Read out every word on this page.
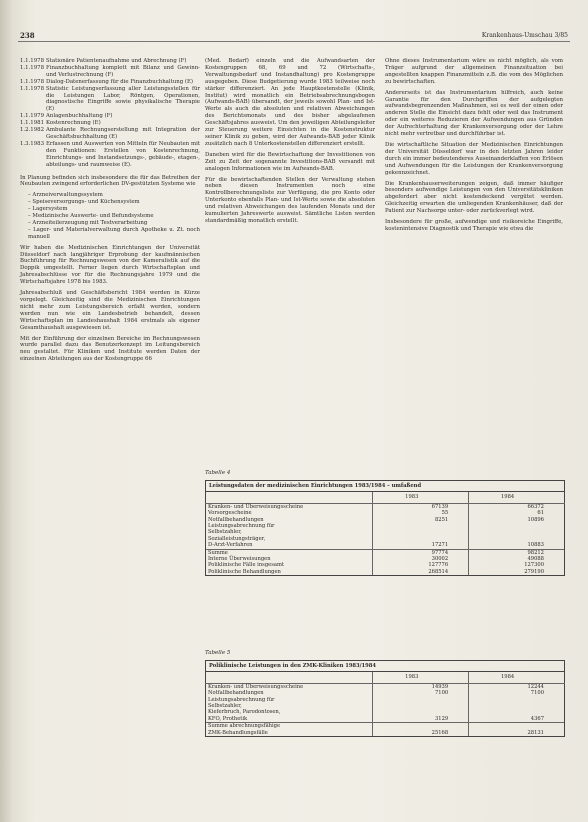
238	Krankenhaus-Umschau 3/85
1.1.1978 Stationäre Patientenaufnahme und Abrechnung (F)
1.1.1978 Finanzbuchhaltung komplett mit Bilanz und Gewinn- und Verlustrechnung (F)
1.1.1978 Dialog-Datenerfassung für die Finanzbuchhaltung (E)
1.1.1978 Statistic Leistungserfassung aller Leistungsstellen für die Leistungen Labor, Röntgen, Operationen, diagnostische Eingriffe sowie physikalische Therapie (E)
1.1.1979 Anlagenbuchhaltung (F)
1.1.1981 Kostenrechnung (E)
1.2.1982 Ambulante Rechnungserstellung mit Integration der Geschäftsbuchhaltung (E)
1.3.1983 Erfassen und Auswerten von Mitteln für Neubauten mit den Funktionen: Erstellen von Kostenrechnung, Einrichtungs- und Instandsetzungs-, gebäude-, etagen-, abteilungs- und raumweise (E).

In Planung befinden sich insbesondere die für das Betreiben der Neubauten zwingend erforderlichen DV-gestützten Systeme wie

– Arzneiverwaltungssystem
– Speiseversorgungs- und Küchensystem
– Lagersystem
– Medizinische Auswerte- und Befundsysteme
– Arzneiteilerzeugung mit Testverarbeitung
– Lager- und Materialverwaltung durch Apotheke u. Zt. noch manuell

Wir haben die Medizinischen Einrichtungen der Universität Düsseldorf nach langjähriger Erprobung der kaufmännischen Buchführung für Rechnungswesen von der Kameralistik auf die Doppik umgestellt. Ferner liegen durch Wirtschaftsplan und Jahresabschlüsse vor für die Rechnungsjahre 1979 und die Wirtschaftsjahre 1978 bis 1983.

Jahresabschluß und Geschäftsbericht 1984 werden in Kürze vorgelegt. Gleichzeitig sind die Medizinischen Einrichtungen nicht mehr zum Leistungsbereich erfaßt werden, sondern werden nun wie ein Landesbetrieb behandelt, dessen Wirtschaftsplan im Landeshaushalt 1984 erstmals als eigener Gesamthaushalt ausgewiesen ist.

Mit der Einführung der einzelnen Bereiche im Rechnungswesen wurde parallel dazu das Benutzerkonzept im Leitungsbereich neu gestaltet. Für Kliniken und Institute werden Daten der einzelnen Abteilungen aus der Kostengruppe 66

(Med. Bedarf) einzeln und die Aufwandsarten der Kostengruppen 68, 69 und 72 (Wirtschafts-, Verwaltungsbedarf und Instandhaltung) pro Kostengruppe ausgegeben. Diese Budgetierung wurde 1983 teilweise noch stärker differenziert. An jede Hauptkostenstelle (Klinik, Institut) wird monatlich ein Betriebsabrechnungsbogen (Aufwands-BAB) übersandt, der jeweils sowohl Plan- und Ist-Werte als auch die absoluten und relativen Abweichungen des Berichtsmonats und des bisher abgelaufenen Geschäftsjahres ausweist. Um den jeweiligen Abteilungsleiter zur Steuerung weitere Einsichten in die Kostenstruktur seiner Klinik zu geben, wird der Aufwands-BAB jeder Klinik zusätzlich nach 8 Unterkostenstellen differenziert erstellt.

Daneben wird für die Bewirtschaftung der Investitionen von Zeit zu Zeit der sogenannte Investitions-BAB versandt mit analogen Informationen wie im Aufwands-BAB.

Für die bewirtschaftenden Stellen der Verwaltung stehen neben diesen Instrumenten noch eine Kontrollberechnungsliste zur Verfügung, die pro Konto oder Unterkonto ebenfalls Plan- und Ist-Werte sowie die absoluten und relativen Abweichungen des laufenden Monats und der kumulierten Jahreswerte ausweist. Sämtliche Listen werden standardmäßig monatlich erstellt.

Ohne dieses Instrumentarium wäre es nicht möglich, als vom Träger aufgrund der allgemeinen Finanzsituation bei angestellten knappen Finanzmitteln z.B. die vom des Möglichen zu bewirtschaften.

Andererseits ist das Instrumentarium hilfreich, auch keine Garantie für den Durchgriffen der aufgelegten aufwandsbegrenzenden Maßnahmen, sei es weil der einen oder anderen Stelle die Einsicht dazu fehlt oder weil das Instrument oder ein weiteres Reduzieren der Aufwendungen aus Gründen der Aufrechterhaltung der Krankenversorgung oder der Lehre nicht mehr vertretbar und durchführbar ist.

Die wirtschaftliche Situation der Medizinischen Einrichtungen der Universität Düsseldorf war in den letzten Jahren leider durch ein immer bedeutenderes Auseinanderklaffen von Erlösen und Aufwendungen für die Leistungen der Krankenversorgung gekennzeichnet.

Die Krankenhauserweiterungen zeigen, daß immer häufiger besonders aufwendige Leistungen von den Universitätskliniken abgefordert aber nicht kostendeckend vergütet werden. Gleichzeitig erwarten die umliegenden Krankenhäuser, daß der Patient zur Nachsorge unter- oder zurückverlegt wird.

Insbesondere für große, aufwendige und risikoreiche Eingriffe, kostenintensive Diagnostik und Therapie wie etwa die

Tabelle 4
Leistungsdaten der medizinischen Einrichtungen 1983/1984 – umfaßend		
	1983	1984
Kranken- und Überweisungsscheine	67139	66372
Vorsorgescheine	55	61
Notfallbehandlungen	8251	10896
Leistungsabrechnung für		
Selbstzahler,		
Sozialleistungsträger,		
D-Arzt-Verfahren	17271	10883
Summe	97774	98212
Interne Überweisungen	30002	49088
Poliklinische Fälle insgesamt	127776	127300
Poliklinische Behandlungen	268514	279190
Tabelle 5
Poliklinische Leistungen in den ZMK-Kliniken 1983/1984		
	1983	1984
Kranken- und Überweisungsscheine	14939	12244
Notfallbehandlungen	7100	7100
Leistungsabrechnung für		
Selbstzahler,		
Kieferbruch, Parodontosen,		
KFO, Prothetik	3129	4367
Summe abrechnungsfähige		
ZMK-Behandlungsfälle	25168	28131
